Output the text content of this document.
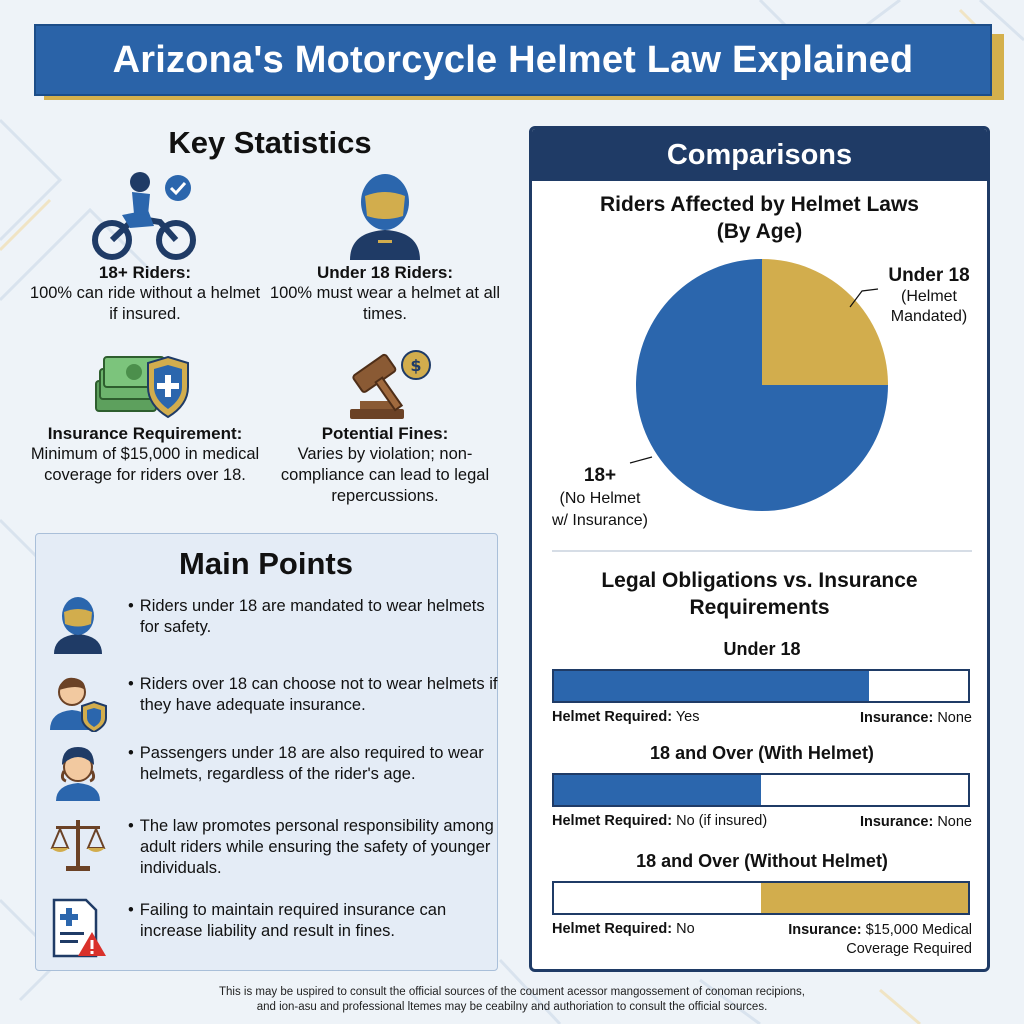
Arizona's Motorcycle Helmet Law Explained
Key Statistics
18+ Riders:
100% can ride without a helmet if insured.
Under 18 Riders:
100% must wear a helmet at all times.
Insurance Requirement:
Minimum of $15,000 in medical coverage for riders over 18.
$
Potential Fines:
Varies by violation; non-compliance can lead to legal repercussions.
Main Points
• Riders under 18 are mandated to wear helmets for safety.
• Riders over 18 can choose not to wear helmets if they have adequate insurance.
• Passengers under 18 are also required to wear helmets, regardless of the rider's age.
• The law promotes personal responsibility among adult riders while ensuring the safety of younger individuals.
• Failing to maintain required insurance can increase liability and result in fines.
Comparisons
Riders Affected by Helmet Laws
(By Age)
Under 18
(Helmet
Mandated)
18+
(No Helmet
w/ Insurance)
Legal Obligations vs. Insurance
Requirements
Under 18
Helmet Required: Yes	Insurance: None
18 and Over (With Helmet)
Helmet Required: No (if insured)	Insurance: None
18 and Over (Without Helmet)
Helmet Required: No	Insurance: $15,000 Medical
Coverage Required
This is may be uspired to consult the official sources of the coument acessor mangossement of conoman recipions,
and ion-asu and professional ltemes may be ceabilny and authoriation to consult the official sources.
